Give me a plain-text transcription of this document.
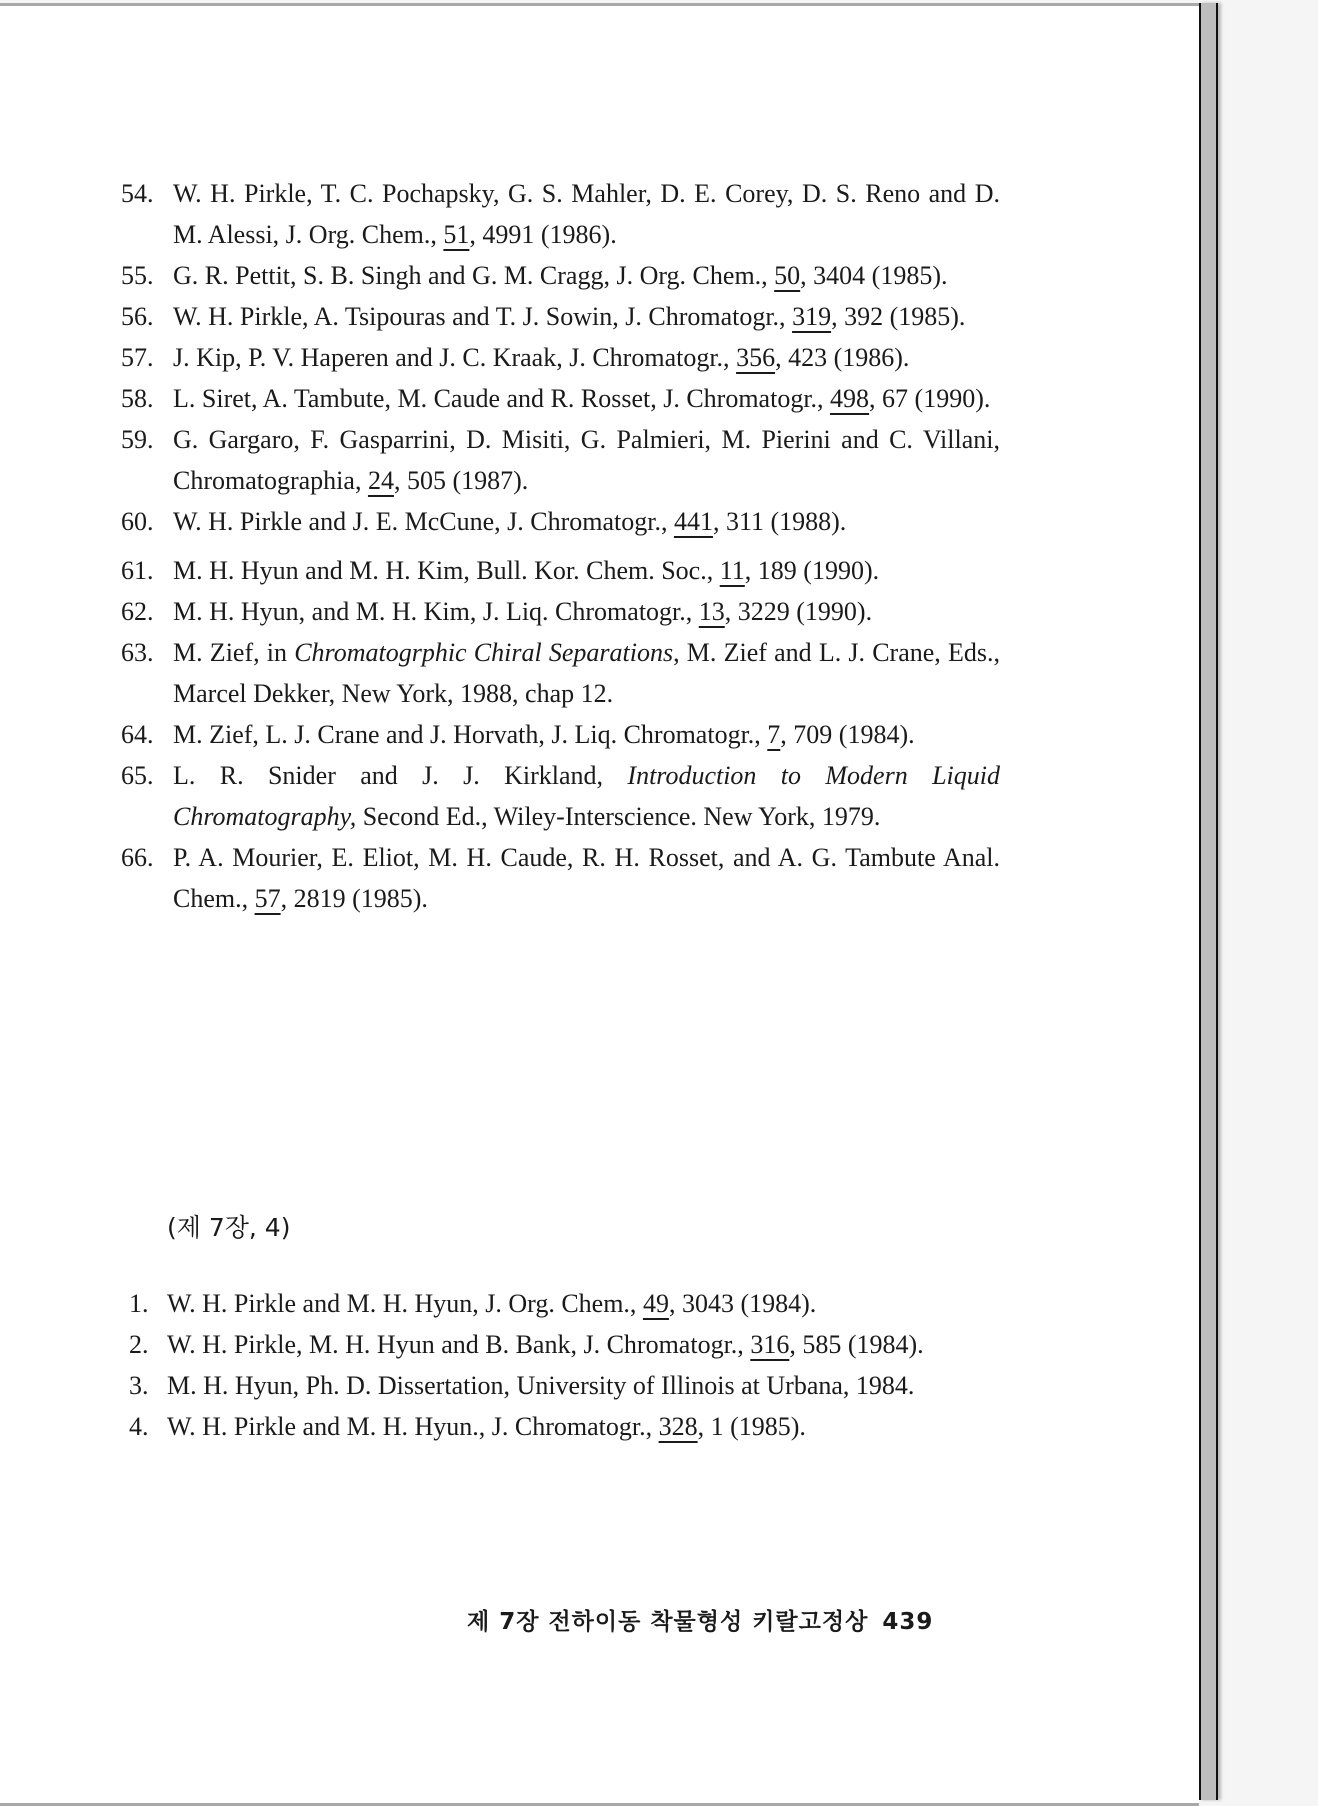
54. W. H. Pirkle, T. C. Pochapsky, G. S. Mahler, D. E. Corey, D. S. Reno and D. M. Alessi, J. Org. Chem., 51, 4991 (1986).
55. G. R. Pettit, S. B. Singh and G. M. Cragg, J. Org. Chem., 50, 3404 (1985).
56. W. H. Pirkle, A. Tsipouras and T. J. Sowin, J. Chromatogr., 319, 392 (1985).
57. J. Kip, P. V. Haperen and J. C. Kraak, J. Chromatogr., 356, 423 (1986).
58. L. Siret, A. Tambute, M. Caude and R. Rosset, J. Chromatogr., 498, 67 (1990).
59. G. Gargaro, F. Gasparrini, D. Misiti, G. Palmieri, M. Pierini and C. Villani, Chromatographia, 24, 505 (1987).
60. W. H. Pirkle and J. E. McCune, J. Chromatogr., 441, 311 (1988).
61. M. H. Hyun and M. H. Kim, Bull. Kor. Chem. Soc., 11, 189 (1990).
62. M. H. Hyun, and M. H. Kim, J. Liq. Chromatogr., 13, 3229 (1990).
63. M. Zief, in Chromatogrphic Chiral Separations, M. Zief and L. J. Crane, Eds., Marcel Dekker, New York, 1988, chap 12.
64. M. Zief, L. J. Crane and J. Horvath, J. Liq. Chromatogr., 7, 709 (1984).
65. L. R. Snider and J. J. Kirkland, Introduction to Modern Liquid Chromatography, Second Ed., Wiley-Interscience. New York, 1979.
66. P. A. Mourier, E. Eliot, M. H. Caude, R. H. Rosset, and A. G. Tambute Anal. Chem., 57, 2819 (1985).
(제 7장, 4)
1. W. H. Pirkle and M. H. Hyun, J. Org. Chem., 49, 3043 (1984).
2. W. H. Pirkle, M. H. Hyun and B. Bank, J. Chromatogr., 316, 585 (1984).
3. M. H. Hyun, Ph. D. Dissertation, University of Illinois at Urbana, 1984.
4. W. H. Pirkle and M. H. Hyun., J. Chromatogr., 328, 1 (1985).
제 7장 전하이동 착물형성 키랄고정상 439
